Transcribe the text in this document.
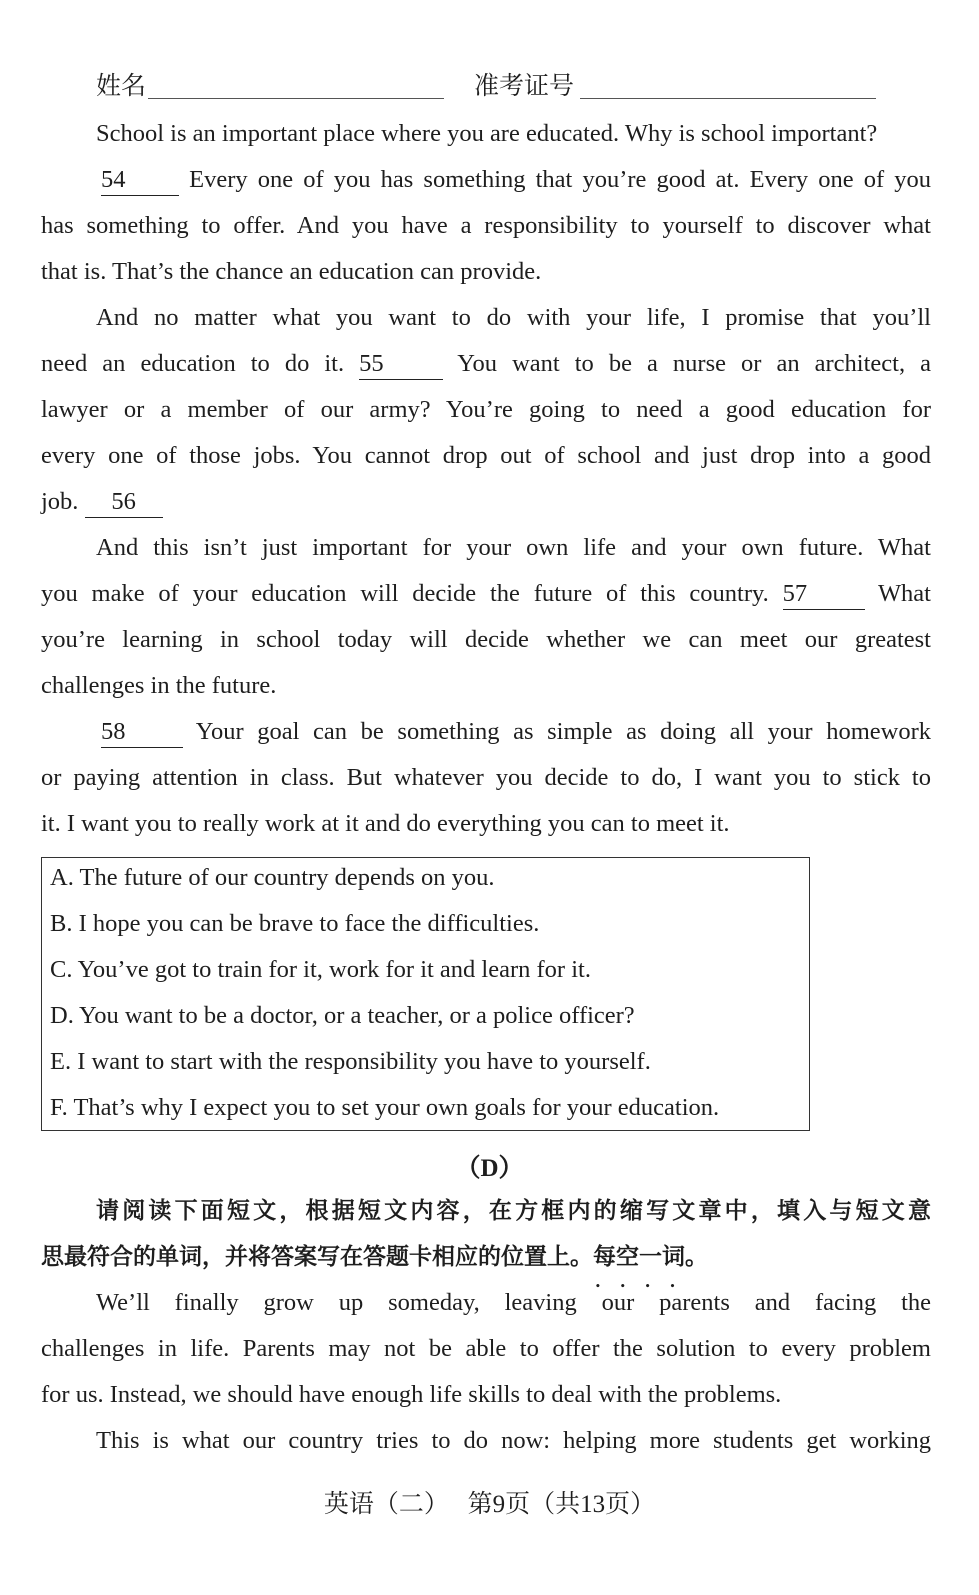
姓名	准考证号
School is an important place where you are educated. Why is school important?
54	Every one of you has something that you’re good at. Every one of you
has something to offer. And you have a responsibility to yourself to discover what
that is. That’s the chance an education can provide.
And no matter what you want to do with your life, I promise that you’ll
need an education to do it. 55	You want to be a nurse or an architect, a
lawyer or a member of our army? You’re going to need a good education for
every one of those jobs. You cannot drop out of school and just drop into a good
job. 56
And this isn’t just important for your own life and your own future. What
you make of your education will decide the future of this country. 57	What
you’re learning in school today will decide whether we can meet our greatest
challenges in the future.
58	Your goal can be something as simple as doing all your homework
or paying attention in class. But whatever you decide to do, I want you to stick to
it. I want you to really work at it and do everything you can to meet it.
A. The future of our country depends on you.
B. I hope you can be brave to face the difficulties.
C. You’ve got to train for it, work for it and learn for it.
D. You want to be a doctor, or a teacher, or a police officer?
E. I want to start with the responsibility you have to yourself.
F. That’s why I expect you to set your own goals for your education.
（D）
请阅读下面短文，根据短文内容，在方框内的缩写文章中，填入与短文意
思最符合的单词，并将答案写在答题卡相应的位置上。每空一词 • • • •。
We’ll finally grow up someday, leaving our parents and facing the
challenges in life. Parents may not be able to offer the solution to every problem
for us. Instead, we should have enough life skills to deal with the problems.
This is what our country tries to do now: helping more students get working
英语（二）   第9页（共13页）
